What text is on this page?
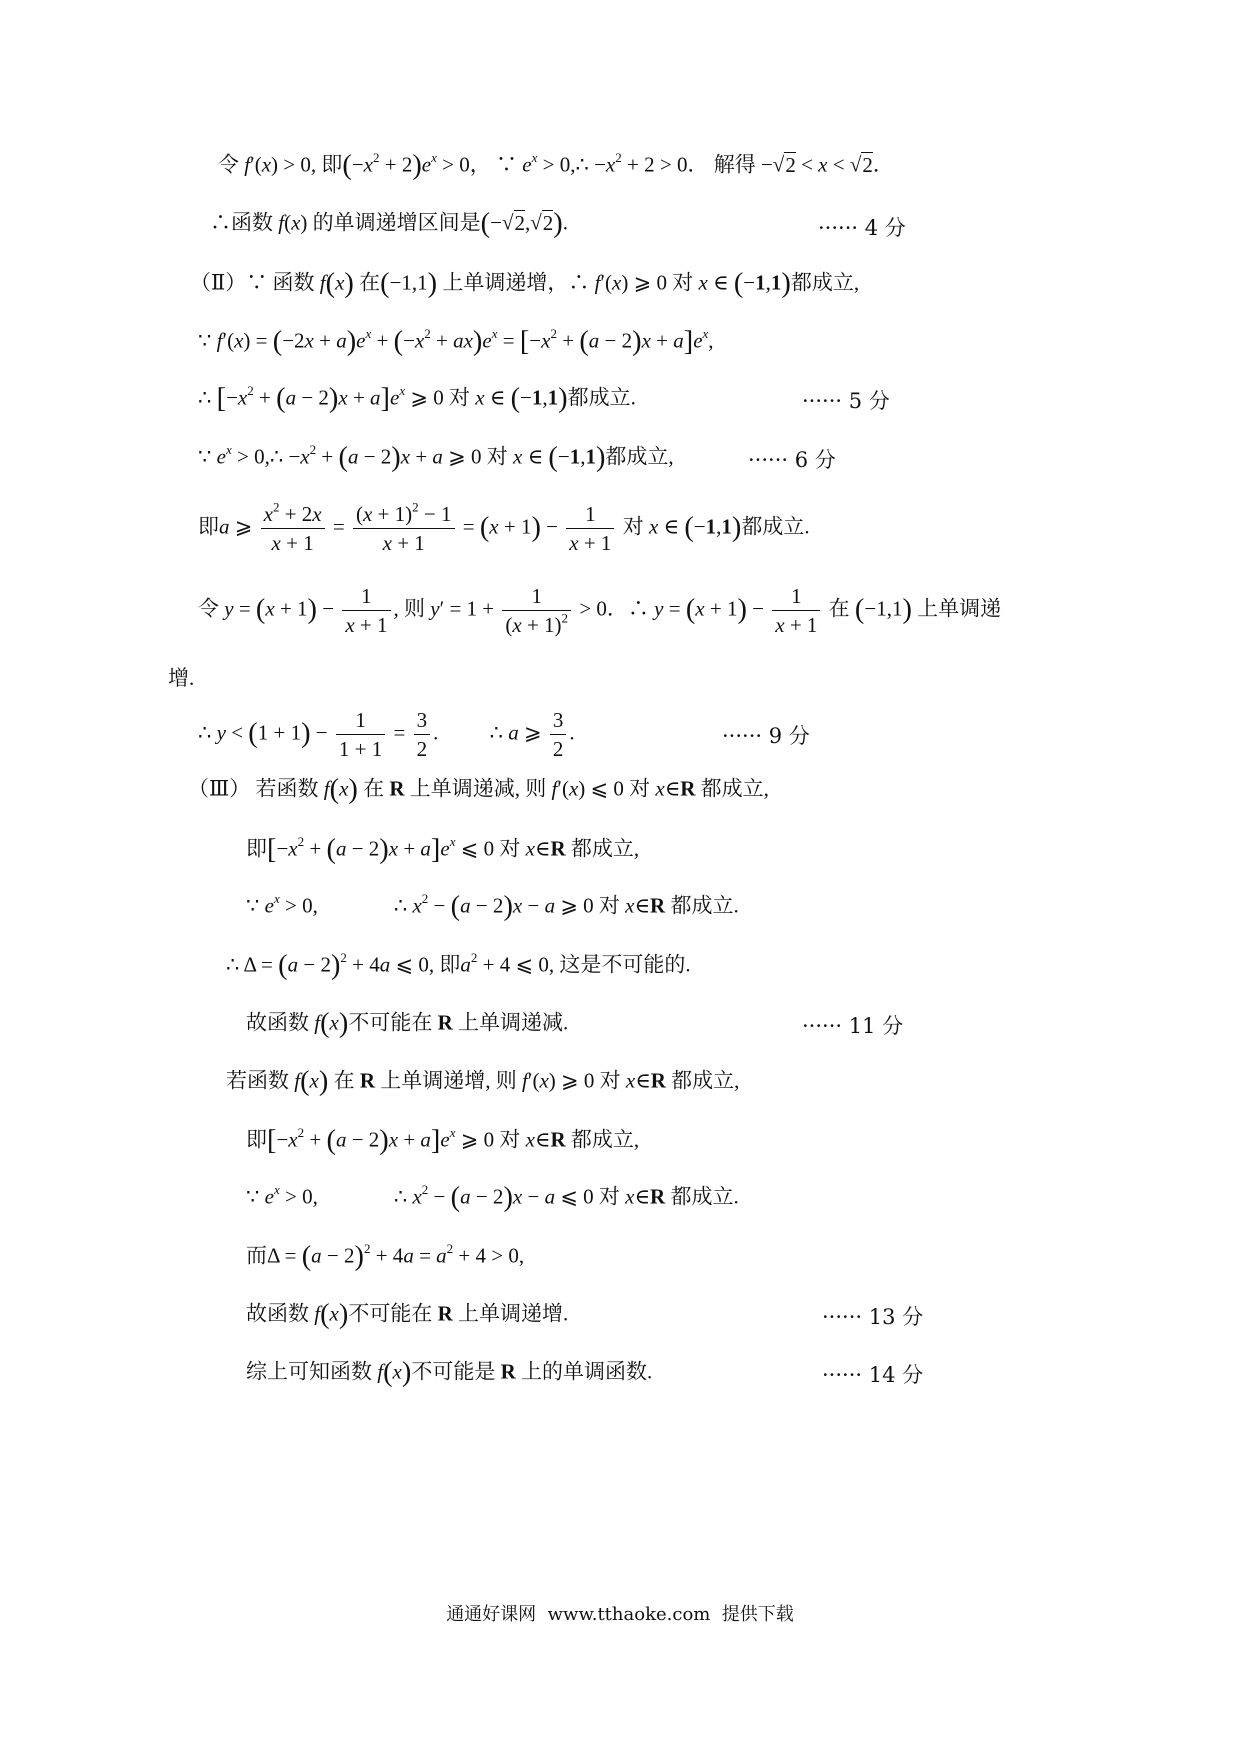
令 f′(x) > 0, 即$(-x^2 + 2)e^x > 0$， ∵ $e^x$ > 0,∴ $-x^2 + 2 > 0$． 解得 −√2 < x < √2．
∴函数 f(x) 的单调递增区间是(−√2,√2).	······ 4 分
（Ⅱ）∵ 函数 f(x) 在(−1,1) 上单调递增，∴ f′(x) ⩾ 0 对 x ∈ (−1,1)都成立,
∵ $f'(x) = (-2x + a)e^x + (-x^2 + ax)e^x = [-x^2 + (a - 2)x + a]e^x$,
∴ $[-x^2 + (a - 2)x + a]e^x$ ⩾ 0 对 x ∈ (−1,1)都成立.	······ 5 分
∵ $e^x$ > 0,∴ $-x^2 + (a - 2)x + a$ ⩾ 0 对 x ∈ (−1,1)都成立,	······ 6 分
即a ⩾ $\frac{x^2 + 2x}{x + 1} = \frac{(x + 1)^2 - 1}{x + 1} = (x + 1) - \frac{1}{x + 1}$ 对 x ∈ (−1,1)都成立.
令 $y = (x + 1) - \frac{1}{x + 1}$ , 则 $y' = 1 + \frac{1}{(x + 1)^2} > 0$．∴ $y = (x + 1) - \frac{1}{x + 1}$ 在 (−1,1) 上单调递
增.
∴ $y < (1 + 1) - \frac{1}{1 + 1} = \frac{3}{2}$ . ∴ a ⩾ $\frac{3}{2}$ .	······ 9 分
（Ⅲ） 若函数 f(x) 在 R 上单调递减, 则 f′(x) ⩽ 0 对 x∈R 都成立,
即$[-x^2 + (a - 2)x + a]e^x$ ⩽ 0 对 x∈R 都成立,
∵ $e^x > 0$,	∴ $x^2 - (a - 2)x - a$ ⩾ 0 对 x∈R 都成立.
∴ $\Delta = (a - 2)^2 + 4a$ ⩽ 0, 即$a^2 + 4$ ⩽ 0, 这是不可能的.
故函数 f(x)不可能在 R 上单调递减.	······ 11 分
若函数 f(x) 在 R 上单调递增, 则 f′(x) ⩾ 0 对 x∈R 都成立,
即$[-x^2 + (a - 2)x + a]e^x$ ⩾ 0 对 x∈R 都成立,
∵ $e^x > 0$,	∴ $x^2 - (a - 2)x - a$ ⩽ 0 对 x∈R 都成立.
而$\Delta = (a - 2)^2 + 4a = a^2 + 4 > 0$,
故函数 f(x)不可能在 R 上单调递增.	······ 13 分
综上可知函数 f(x)不可能是 R 上的单调函数.	······ 14 分
通通好课网 www.tthaoke.com 提供下载
